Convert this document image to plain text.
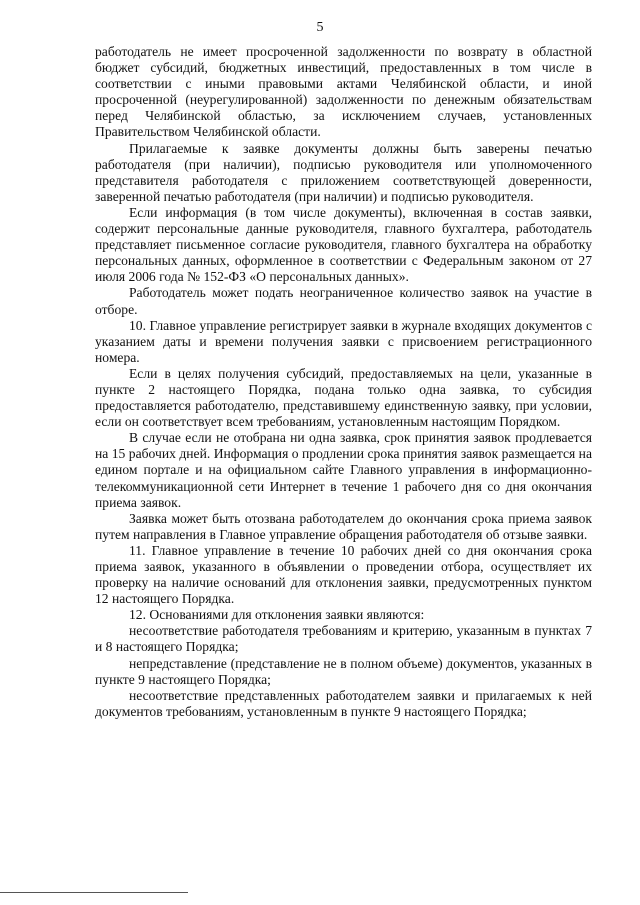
5

работодатель не имеет просроченной задолженности по возврату в областной бюджет субсидий, бюджетных инвестиций, предоставленных в том числе в соответствии с иными правовыми актами Челябинской области, и иной просроченной (неурегулированной) задолженности по денежным обязательствам перед Челябинской областью, за исключением случаев, установленных Правительством Челябинской области.

Прилагаемые к заявке документы должны быть заверены печатью работодателя (при наличии), подписью руководителя или уполномоченного представителя работодателя с приложением соответствующей доверенности, заверенной печатью работодателя (при наличии) и подписью руководителя.

Если информация (в том числе документы), включенная в состав заявки, содержит персональные данные руководителя, главного бухгалтера, работодатель представляет письменное согласие руководителя, главного бухгалтера на обработку персональных данных, оформленное в соответствии с Федеральным законом от 27 июля 2006 года № 152-ФЗ «О персональных данных».

Работодатель может подать неограниченное количество заявок на участие в отборе.

10. Главное управление регистрирует заявки в журнале входящих документов с указанием даты и времени получения заявки с присвоением регистрационного номера.

Если в целях получения субсидий, предоставляемых на цели, указанные в пункте 2 настоящего Порядка, подана только одна заявка, то субсидия предоставляется работодателю, представившему единственную заявку, при условии, если он соответствует всем требованиям, установленным настоящим Порядком.

В случае если не отобрана ни одна заявка, срок принятия заявок продлевается на 15 рабочих дней. Информация о продлении срока принятия заявок размещается на едином портале и на официальном сайте Главного управления в информационно-телекоммуникационной сети Интернет в течение 1 рабочего дня со дня окончания приема заявок.

Заявка может быть отозвана работодателем до окончания срока приема заявок путем направления в Главное управление обращения работодателя об отзыве заявки.

11. Главное управление в течение 10 рабочих дней со дня окончания срока приема заявок, указанного в объявлении о проведении отбора, осуществляет их проверку на наличие оснований для отклонения заявки, предусмотренных пунктом 12 настоящего Порядка.

12. Основаниями для отклонения заявки являются:

несоответствие работодателя требованиям и критерию, указанным в пунктах 7 и 8 настоящего Порядка;

непредставление (представление не в полном объеме) документов, указанных в пункте 9 настоящего Порядка;

несоответствие представленных работодателем заявки и прилагаемых к ней документов требованиям, установленным в пункте 9 настоящего Порядка;
